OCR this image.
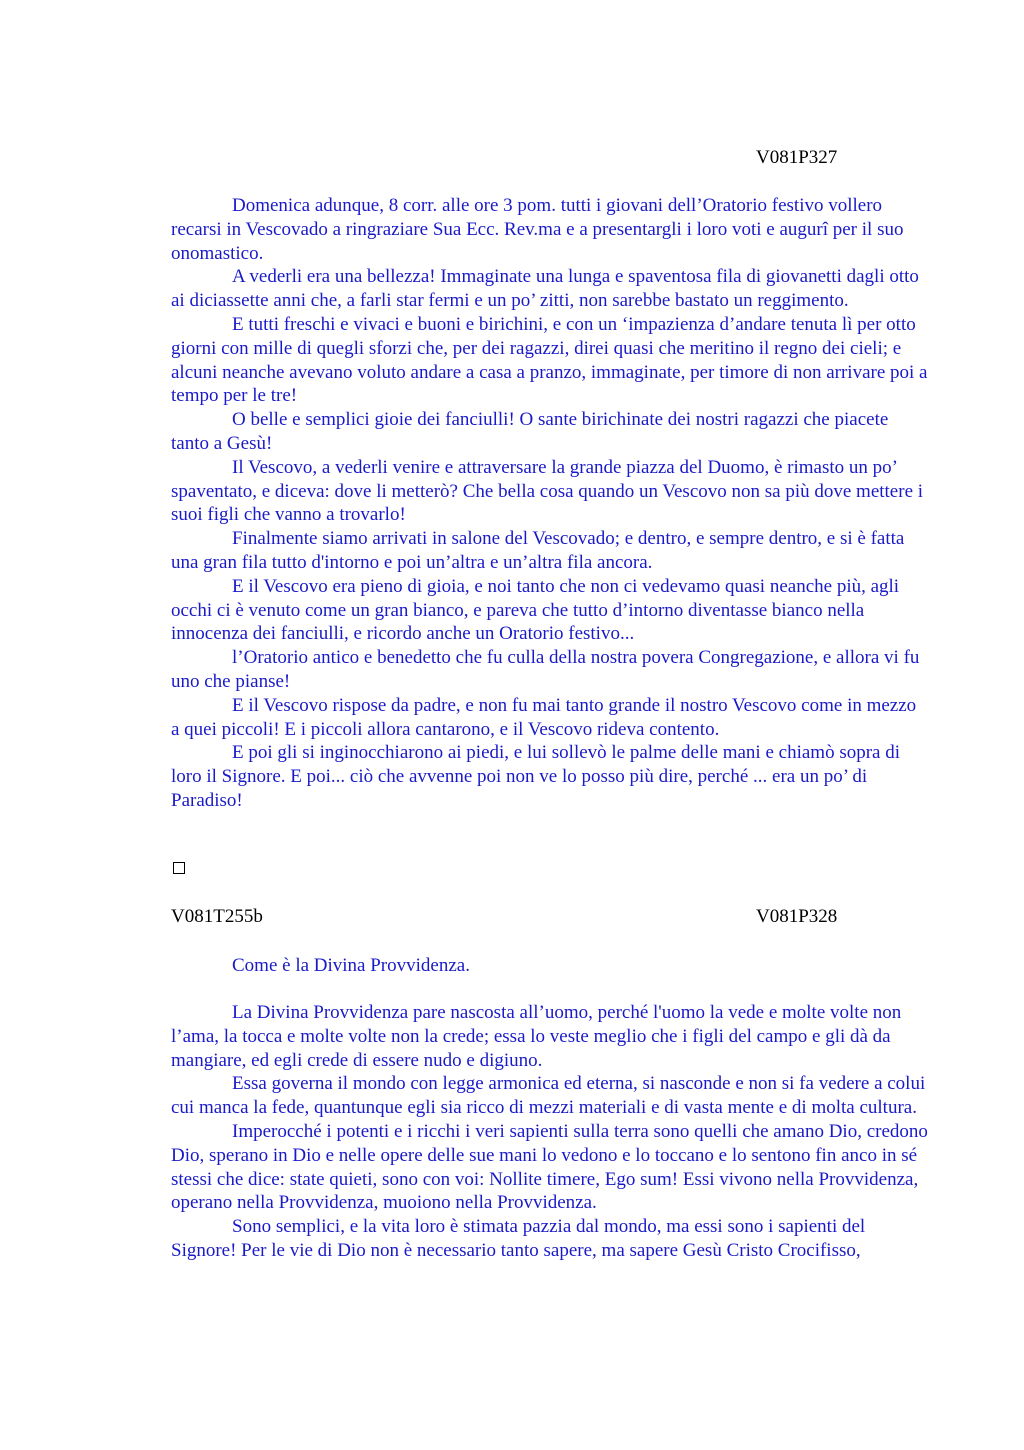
V081P327

Domenica adunque, 8 corr. alle ore 3 pom. tutti i giovani dell’Oratorio festivo vollero recarsi in Vescovado a ringraziare Sua Ecc. Rev.ma e a presentargli i loro voti e augurî per il suo onomastico.

A vederli era una bellezza! Immaginate una lunga e spaventosa fila di giovanetti dagli otto ai diciassette anni che, a farli star fermi e un po’ zitti, non sarebbe bastato un reggimento.

E tutti freschi e vivaci e buoni e birichini, e con un ‘impazienza d’andare tenuta lì per otto giorni con mille di quegli sforzi che, per dei ragazzi, direi quasi che meritino il regno dei cieli; e alcuni neanche avevano voluto andare a casa a pranzo, immaginate, per timore di non arrivare poi a tempo per le tre!

O belle e semplici gioie dei fanciulli! O sante birichinate dei nostri ragazzi che piacete tanto a Gesù!

Il Vescovo, a vederli venire e attraversare la grande piazza del Duomo, è rimasto un po’ spaventato, e diceva: dove li metterò? Che bella cosa quando un Vescovo non sa più dove mettere i suoi figli che vanno a trovarlo!

Finalmente siamo arrivati in salone del Vescovado; e dentro, e sempre dentro, e si è fatta una gran fila tutto d'intorno e poi un’altra e un’altra fila ancora.

E il Vescovo era pieno di gioia, e noi tanto che non ci vedevamo quasi neanche più, agli occhi ci è venuto come un gran bianco, e pareva che tutto d’intorno diventasse bianco nella innocenza dei fanciulli, e ricordo anche un Oratorio festivo...

l’Oratorio antico e benedetto che fu culla della nostra povera Congregazione, e allora vi fu uno che pianse!

E il Vescovo rispose da padre, e non fu mai tanto grande il nostro Vescovo come in mezzo a quei piccoli! E i piccoli allora cantarono, e il Vescovo rideva contento.

E poi gli si inginocchiarono ai piedi, e lui sollevò le palme delle mani e chiamò sopra di loro il Signore. E poi... ciò che avvenne poi non ve lo posso più dire, perché ... era un po’ di Paradiso!

V081T255b	V081P328
Come è la Divina Provvidenza.

La Divina Provvidenza pare nascosta all’uomo, perché l'uomo la vede e molte volte non l’ama, la tocca e molte volte non la crede; essa lo veste meglio che i figli del campo e gli dà da mangiare, ed egli crede di essere nudo e digiuno.

Essa governa il mondo con legge armonica ed eterna, si nasconde e non si fa vedere a colui cui manca la fede, quantunque egli sia ricco di mezzi materiali e di vasta mente e di molta cultura.

Imperocché i potenti e i ricchi i veri sapienti sulla terra sono quelli che amano Dio, credono Dio, sperano in Dio e nelle opere delle sue mani lo vedono e lo toccano e lo sentono fin anco in sé stessi che dice: state quieti, sono con voi: Nollite timere, Ego sum! Essi vivono nella Provvidenza, operano nella Provvidenza, muoiono nella Provvidenza.

Sono semplici, e la vita loro è stimata pazzia dal mondo, ma essi sono i sapienti del Signore! Per le vie di Dio non è necessario tanto sapere, ma sapere Gesù Cristo Crocifisso,
